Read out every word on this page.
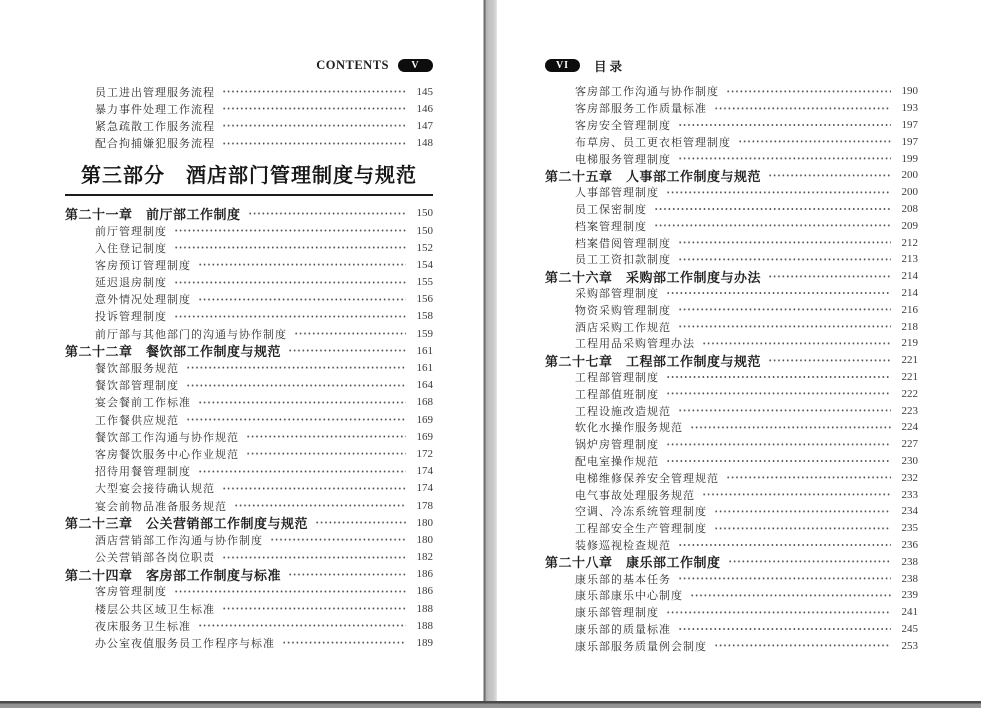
CONTENTS	V
员工进出管理服务流程	145
暴力事件处理工作流程	146
紧急疏散工作服务流程	147
配合拘捕嫌犯服务流程	148
第三部分　酒店部门管理制度与规范
第二十一章　前厅部工作制度	150
前厅管理制度	150
入住登记制度	152
客房预订管理制度	154
延迟退房制度	155
意外情况处理制度	156
投诉管理制度	158
前厅部与其他部门的沟通与协作制度	159
第二十二章　餐饮部工作制度与规范	161
餐饮部服务规范	161
餐饮部管理制度	164
宴会餐前工作标准	168
工作餐供应规范	169
餐饮部工作沟通与协作规范	169
客房餐饮服务中心作业规范	172
招待用餐管理制度	174
大型宴会接待确认规范	174
宴会前物品准备服务规范	178
第二十三章　公关营销部工作制度与规范	180
酒店营销部工作沟通与协作制度	180
公关营销部各岗位职责	182
第二十四章　客房部工作制度与标准	186
客房管理制度	186
楼层公共区域卫生标准	188
夜床服务卫生标准	188
办公室夜值服务员工作程序与标准	189
VI	目录
客房部工作沟通与协作制度	190
客房部服务工作质量标准	193
客房安全管理制度	197
布草房、员工更衣柜管理制度	197
电梯服务管理制度	199
第二十五章　人事部工作制度与规范	200
人事部管理制度	200
员工保密制度	208
档案管理制度	209
档案借阅管理制度	212
员工工资扣款制度	213
第二十六章　采购部工作制度与办法	214
采购部管理制度	214
物资采购管理制度	216
酒店采购工作规范	218
工程用品采购管理办法	219
第二十七章　工程部工作制度与规范	221
工程部管理制度	221
工程部值班制度	222
工程设施改造规范	223
软化水操作服务规范	224
锅炉房管理制度	227
配电室操作规范	230
电梯维修保养安全管理规范	232
电气事故处理服务规范	233
空调、冷冻系统管理制度	234
工程部安全生产管理制度	235
装修巡视检查规范	236
第二十八章　康乐部工作制度	238
康乐部的基本任务	238
康乐部康乐中心制度	239
康乐部管理制度	241
康乐部的质量标准	245
康乐部服务质量例会制度	253
